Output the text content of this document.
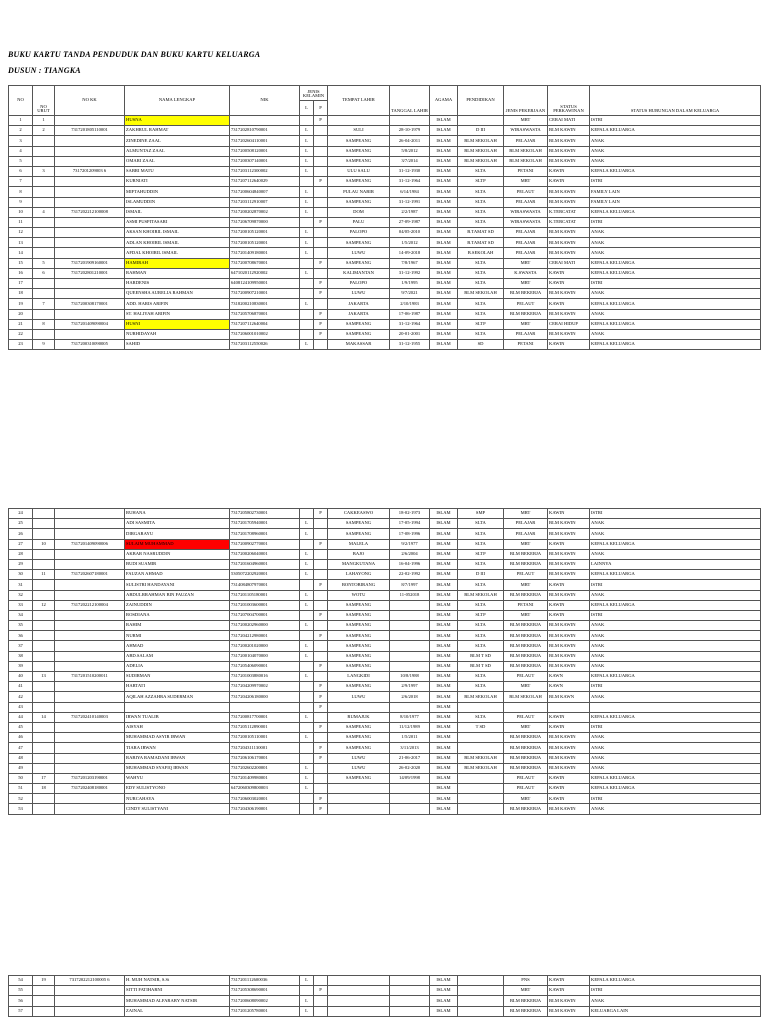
BUKU KARTU TANDA PENDUDUK DAN BUKU KARTU KELUARGA
DUSUN : TIANGKA
NO	NO URUT	NO KK	NAMA LENGKAP	NIK	JENIS KELAMIN		TEMPAT LAHIR	TANGGAL LAHIR	AGAMA	PENDIDIKAN	JENIS PEKERJAAN	STATUS PERKAWINAN	STATUS HUBUNGAN DALAM KELUARGA
					L	P							
1	1		HUSNA			P			ISLAM		MRT	CERAI MATI	ISTRI
2	2	7317201805110001	ZAKHRUL RAHMAT	7317202810790001	L		SULI	28-10-1979	ISLAM	D III	WIRASWASTA	BLM KAWIN	KEPALA KELUARGA
3			ZINEDINE ZAAL	7317202604110001	L		SAMPEANG	26-04-2011	ISLAM	BLM SEKOLAH	PELAJAR	BLM KAWIN	ANAK
4			ALMUNTAZ ZAAL	7317200508120001	L		SAMPEANG	5/8/2012	ISLAM	BLM SEKOLAH	BLM SEKOLAH	BLM KAWIN	ANAK
5			OMARI ZAAL	7317200307140001	L		SAMPEANG	3/7/2014	ISLAM	BLM SEKOLAH	BLM SEKOLAH	BLM KAWIN	ANAK
6	3	7317201209003 6	SABRI MATU	7317203112300002	L		ULU SALU	31-12-1930	ISLAM	SLTA	PETANI	KAWIN	KEPALA KELUARGA
7			KURNIATI	7317207112640029		P	SAMPEANG	31-12-1964	ISLAM	SLTP	MRT	KAWIN	ISTRI
8			MIFTAHUDDIN	7317200604840007	L		PULAU NABIR	6/14/1984	ISLAM	SLTA	PELAUT	BLM KAWIN	FAMILY LAIN
9			ISLAMUDDIN	7317203112910007	L		SAMPEANG	31-12-1991	ISLAM	SLTA	PELAJAR	BLM KAWIN	FAMILY LAIN
10	4	7317202212100008	ISMAIL	7317200202870002	L		DOM	2/2/1987	ISLAM	SLTA	WIRASWASTA	K.TERCATAT	KEPALA KELUARGA
11			ASMI PUSPITASARI	7317206709870000		P	PALU	27-09-1987	ISLAM	SLTA	WIRASWASTA	K.TERCATAT	ISTRI
12			AKSAN KHOIRIL ISMAIL	7317200105120001	L		PALOPO	04/05-2010	ISLAM	B.TAMAT SD	PELAJAR	BLM KAWIN	ANAK
13			ADLAN KHOIRIL ISMAIL	7317200105120001	L		SAMPEANG	1/5/2012	ISLAM	B.TAMAT SD	PELAJAR	BLM KAWIN	ANAK
14			AFDAL KHOIRIL ISMAIL	7317201409180001	L		LUWU	14-09-2018	ISLAM	B.SEKOLAH	PELAJAR	BLM KAWIN	ANAK
15	5	7317201909160001	HAMIRAH	7317200708670001		P	SAMPEANG	7/8/1967	ISLAM	SLTA	MRT	CERAI MATI	KEPALA KELUARGA
16	6	7317202801210001	RAHMAN	6471020112920002	L		KALIMANTAN	31-12-1992	ISLAM	SLTA	K.SWASTA	KAWIN	KEPALA KELUARGA
17			HARDENIS	6408124109950001		P	PALOPO	1/9/1995	ISLAM	SLTA	MRT	KAWIN	ISTRI
18			QUEENSHA AURELIA RAHMAN	7317200907210001		P	LUWU	9/7/2021	ISLAM	BLM SEKOLAH	BLM BEKERJA	BLM KAWIN	ANAK
19	7	7317200308170001	ADD. HARIS ARIFIN	7318200210830001	L		JAKARTA	2/10/1983	ISLAM	SLTA	PELAUT	KAWIN	KEPALA KELUARGA
20			ST. HALIYAH ARIFIN	7317205706870001		P	JAKARTA	17-06-1987	ISLAM	SLTA	BLM BEKERJA	BLM KAWIN	ANAK
21	8	7317201409090004	HUSNI	7317207112640004		P	SAMPEANG	31-12-1964	ISLAM	SLTP	MRT	CERAI HIDUP	KEPALA KELUARGA
22			NURHIDAYAH	7317206001010002		P	SAMPEANG	20-01-2001	ISLAM	SLTA	PELAJAR	BLM KAWIN	ANAK
23	9	7317200310090005	SAHID	7317203112550026	L		MAKASSAR	31-12-1955	ISLAM	SD	PETANI	KAWIN	KEPALA KELUARGA
24			RUHANA	7317205802730001		P	CAKKEASWO	18-02-1973	ISLAM	SMP	MRT	KAWIN	ISTRI
25			ADI SASMITA	7317201705940001	L		SAMPEANG	17-05-1994	ISLAM	SLTA	PELAJAR	BLM KAWIN	ANAK
26			DIRGARAYU	7317201708960001	L		SAMPEANG	17-08-1996	ISLAM	SLTA	PELAJAR	BLM KAWIN	ANAK
27	10	7317201409090006	SULAIM MUHAMMAD	7317200902770001		P	MALELA	9/2/1977	ISLAM	SLTA	MRT	KAWIN	KEPALA KELUARGA
28			AKBAR NASRUDDIN	7317200206040001	L		BAJO	2/6/2004	ISLAM	SLTP	BLM BEKERJA	BLM KAWIN	ANAK
29			BUDI SUAMIR	7317201604960001	L		MANGKUTANA	16-04-1996	ISLAM	SLTA	BLM BEKERJA	BLM KAWIN	LAINNYA
30	11	7317202607180001	FAUZAN AHMAD	5305072202920001	L		LAHAYONG	22-02-1992	ISLAM	D III	PELAUT	BLM KAWIN	KEPALA KELUARGA
31			SULISTRI HANDAYANI	7314084807970001		P	BONTOBIRANG	8/7/1997	ISLAM	SLTA	MRT	KAWIN	ISTRI
32			ABDULRRAHMAN BIN FAUZAN	7317201105180001	L		WOTU	11-052018	ISLAM	BLM SEKOLAH	BLM BEKERJA	BLM KAWIN	ANAK
33	12	7317202212100004	ZAINUDDIN	7317201003600001	L		SAMPEANG		ISLAM	SLTA	PETANI	KAWIN	KEPALA KELUARGA
34			ROSDIANA	7317207004700001		P	SAMPEANG		ISLAM	SLTP	MRT	KAWIN	ISTRI
35			RAHIM	7317200202960000	L		SAMPEANG		ISLAM	SLTA	BLM BEKERJA	BLM KAWIN	ANAK
36			NURMI	7317204212980001		P	SAMPEANG		ISLAM	SLTA	BLM BEKERJA	BLM KAWIN	ANAK
37			AHMAD	7317200201020000	L		SAMPEANG		ISLAM	SLTA	BLM BEKERJA	BLM KAWIN	ANAK
38			ABD.SALAM	7317200104070000	L		SAMPEANG		ISLAM	BLM T SD	BLM BEKERJA	BLM KAWIN	ANAK
39			ADELIA	7317205406090001		P	SAMPEANG		ISLAM	BLM T SD	BLM BEKERJA	BLM KAWIN	ANAK
40	13	7317201510200011	SUDIRMAN	7317201003880016	L		LANGKIDI	10/8/1988	ISLAM	SLTA	PELAUT	KAWN	KEPALA KELUARGA
41			HARTATI	7317204209970002		P	SAMPEANG	2/9/1997	ISLAM	SLTA	MRT	KAWN	ISTRI
42			AQILAH AZZAHRA SUDERMAN	7317204206180000		P	LUWU	2/6/2018	ISLAM	BLM SEKOLAH	BLM SEKOLAH	BLM KAWN	ANAK
43						P			ISLAM				
44	14	7317202410140003	IRWAN TUALIB	7317200817700001	L		RUMAJUK	8/10/1977	ISLAM	SLTA	PELAUT	KAWIN	KEPALA KELUARGA
45			AISYAH	7317205112890001		P	SAMPEANG	11/12/1989	ISLAM	T SD	MRT	KAWIN	ISTRI
46			MUHAMMAD ASYIR IRWAN	7317200105110001	L		SAMPEANG	1/5/2011	ISLAM		BLM BEKERJA	BLM KAWIN	ANAK
47			TIARA IRWAN	7317204311130001		P	SAMPEANG	3/11/2013	ISLAM		BLM BEKERJA	BLM KAWIN	ANAK
48			RABIYA RAMADANI IRWAN	7317206106170001		P	LUWU	21-06-2017	ISLAM	BLM SEKOLAH	BLM BEKERJA	BLM KAWIN	ANAK
49			MUHAMMAD SYAFIQ IRWAN	7317202602200001	L		LUWU	26-02-2020	ISLAM	BLM SEKOLAH	BLM BEKERJA	BLM KAWIN	ANAK
50	17	7317201203190001	WAHYU	7317201409980001	L		SAMPEANG	14/09/1998	ISLAM		PELAUT	KAWIN	KEPALA KELUARGA
51	18	7317202408180001	EDY SULISTYONO	6472060309800003	L				ISLAM		PELAUT	KAWIN	KEPALA KELUARGA
52			NURCAHAYA	7317206003020001		P			ISLAM		MRT	KAWIN	ISTRI
53			CINDY SULISTYANI	7317204306190001		P			ISLAM		BLM BEKERJA	BLM KAWIN	ANAK
54	19	7317202212100005 6	H. MUH NATSIR, S.Si	7317201112600036	L				ISLAM		PNS	KAWIN	KEPALA KELUARGA
55			SITTI FATIHARNI	7317205308690001		P			ISLAM		MRT	KAWIN	ISTRI
56			MUHAMMAD ALFARABY NATSIR	7317200608090002	L				ISLAM		BLM BEKERJA	BLM KAWIN	ANAK
57			ZAINAL	7317201205780001	L				ISLAM		BLM BEKERJA	BLM KAWIN	KELUARGA LAIN
